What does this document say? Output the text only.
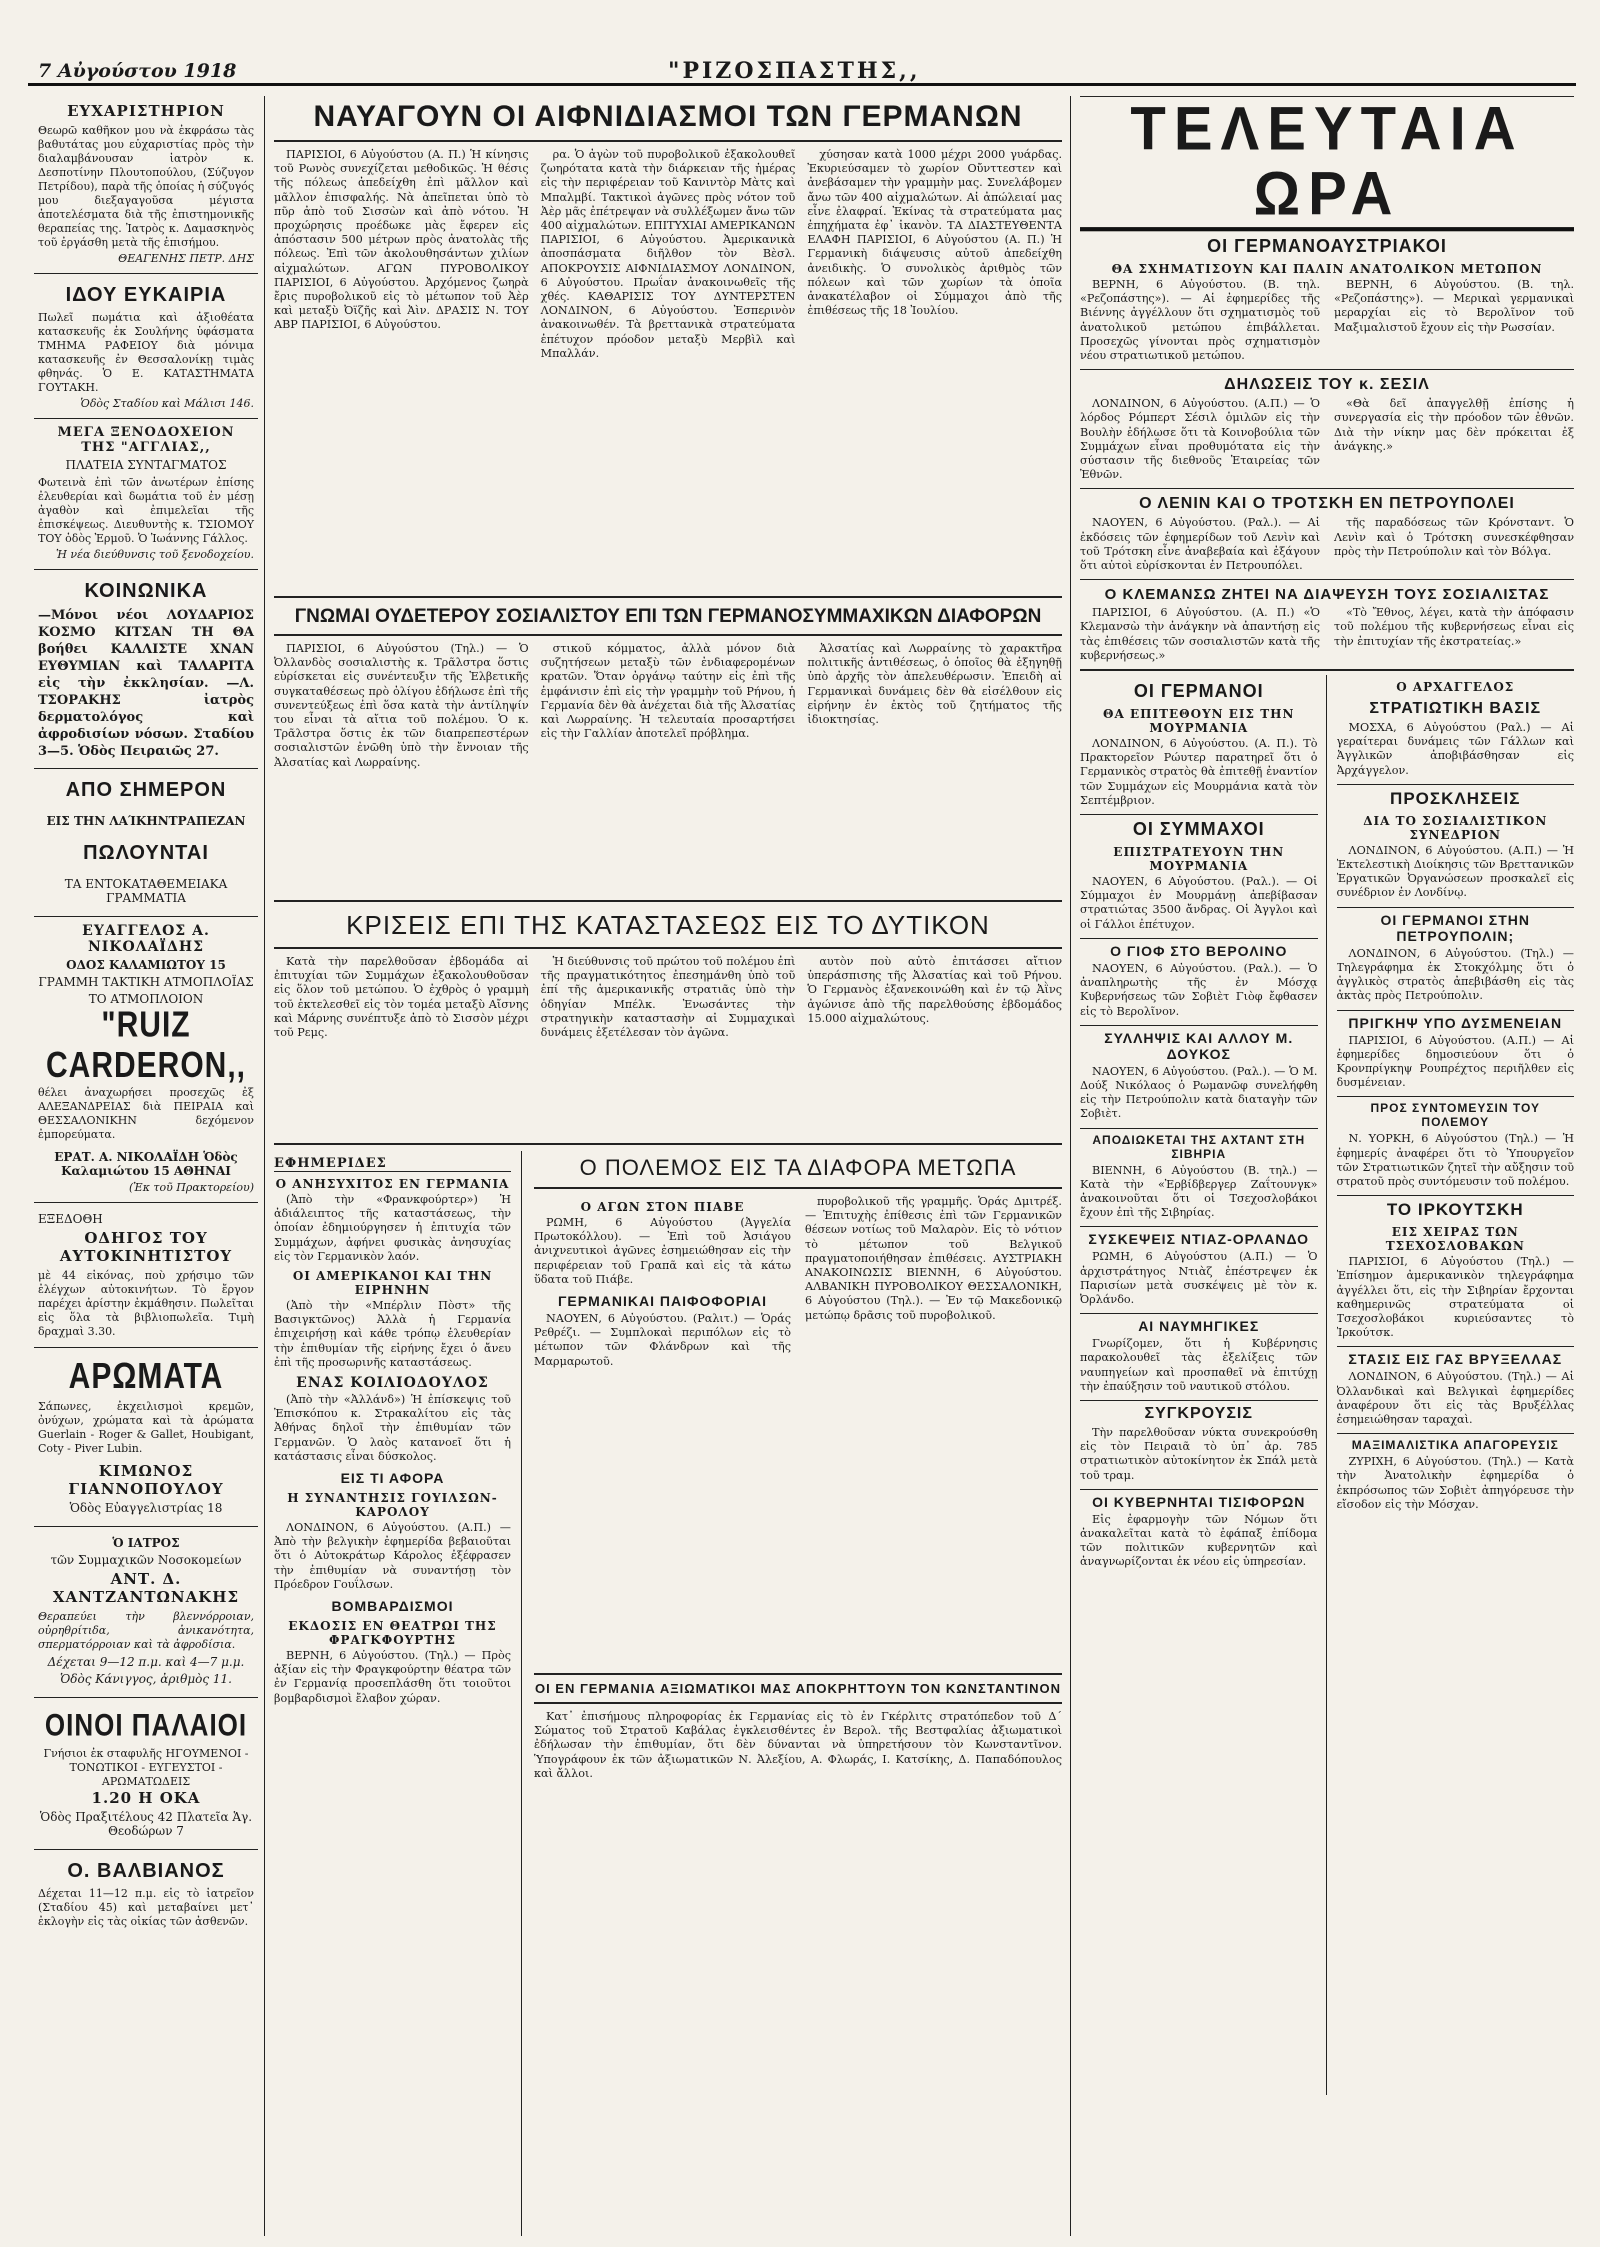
7 Αὐγούστου 1918	"ΡΙΖΟΣΠΑΣΤΗΣ,,
ΕΥΧΑΡΙΣΤΗΡΙΟΝ
Θεωρῶ καθῆκον μου νὰ ἐκφράσω τὰς βαθυτάτας μου εὐχαριστίας πρὸς τὴν διαλαμβάνουσαν ἰατρὸν κ. Δεσποτίνην Πλουτοπούλου, (Σύζυγον Πετρίδου), παρὰ τῆς ὁποίας ἡ σύζυγός μου διεξαγαγοῦσα μέγιστα ἀποτελέσματα διὰ τῆς ἐπιστημονικῆς θεραπείας της. Ἰατρὸς κ. Δαμασκηνὸς τοῦ ἐργάσθη μετὰ τῆς ἐπισήμου.
ΘΕΑΓΕΝΗΣ ΠΕΤΡ. ΔΗΣ
ΙΔΟΥ ΕΥΚΑΙΡΙΑ
Πωλεῖ πωμάτια καὶ ἀξιοθέατα κατασκευῆς ἐκ Σουλήνης ὑφάσματα ΤΜΗΜΑ ΡΑΦΕΙΟΥ διὰ μόνιμα κατασκευῆς ἐν Θεσσαλονίκῃ τιμὰς φθηνάς. Ὁ Ε. ΚΑΤΑΣΤΗΜΑΤΑ ΓΟΥΤΑΚΗ.
Ὁδὸς Σταδίου καὶ Μάλισι 146.
ΜΕΓΑ ΞΕΝΟΔΟΧΕΙΟΝ ΤΗΣ "ΑΓΓΛΙΑΣ,,
ΠΛΑΤΕΙΑ ΣΥΝΤΑΓΜΑΤΟΣ
Φωτεινὰ ἐπὶ τῶν ἀνωτέρων ἐπίσης ἐλευθερίαι καὶ δωμάτια τοῦ ἐν μέσῃ ἀγαθὸν καὶ ἐπιμελεῖαι τῆς ἐπισκέψεως. Διευθυντὴς κ. ΤΣΙΟΜΟΥ ΤΟΥ ὁδὸς Ἐρμοῦ. Ὁ Ἰωάννης Γάλλος.
Ἡ νέα διεύθυνσις τοῦ ξενοδοχείου.
ΚΟΙΝΩΝΙΚΑ
—Μόνοι νέοι ΛΟΥΔΑΡΙΟΣ ΚΟΣΜΟ ΚΙΤΣΑΝ ΤΗ ΘΑ βοήθει ΚΑΛΛΙΣΤΕ ΧΝΑΝ ΕΥΘΥΜΙΑΝ καὶ ΤΑΛΑΡΙΤΑ εἰς τὴν ἐκκλησίαν. —Λ. ΤΣΟΡΑΚΗΣ ἰατρὸς δερματολόγος καὶ ἀφροδισίων νόσων. Σταδίου 3—5. Ὁδὸς Πειραιῶς 27.
ΑΠΟ ΣΗΜΕΡΟΝ
ΕΙΣ ΤΗΝ ΛΑΊΚΗΝΤΡΑΠΕΖΑΝ
ΠΩΛΟΥΝΤΑΙ
ΤΑ ΕΝΤΟΚΑΤΑΘΕΜΕΙΑΚΑ ΓΡΑΜΜΑΤΙΑ
ΕΥΑΓΓΕΛΟΣ Α. ΝΙΚΟΛΑΪΔΗΣ
ΟΔΟΣ ΚΑΛΑΜΙΩΤΟΥ 15
ΓΡΑΜΜΗ ΤΑΚΤΙΚΗ ΑΤΜΟΠΛΟΪΑΣ
ΤΟ ΑΤΜΟΠΛΟΙΟΝ
"RUIZ CARDERON,,
θέλει ἀναχωρήσει προσεχῶς ἐξ ΑΛΕΞΑΝΔΡΕΙΑΣ διὰ ΠΕΙΡΑΙΑ καὶ ΘΕΣΣΑΛΟΝΙΚΗΝ δεχόμενον ἐμπορεύματα.
ΕΡΑΤ. Α. ΝΙΚΟΛΑΪΔΗ Ὁδὸς Καλαμιώτου 15 ΑΘΗΝΑΙ
(Ἐκ τοῦ Πρακτορείου)
ΕΞΕΔΟΘΗ
ΟΔΗΓΟΣ ΤΟΥ ΑΥΤΟΚΙΝΗΤΙΣΤΟΥ
μὲ 44 εἰκόνας, ποὺ χρήσιμο τῶν ἐλέγχων αὐτοκινήτων. Τὸ ἔργον παρέχει ἀρίστην ἐκμάθησιν. Πωλεῖται εἰς ὅλα τὰ βιβλιοπωλεῖα. Τιμὴ δραχμαὶ 3.30.
ΑΡΩΜΑΤΑ
Σάπωνες, ἐκχειλισμοὶ κρεμῶν, ὀνύχων, χρώματα καὶ τὰ ἀρώματα Guerlain - Roger & Gallet, Houbigant, Coty - Piver Lubin.
ΚΙΜΩΝΟΣ ΓΙΑΝΝΟΠΟΥΛΟΥ
Ὁδὸς Εὐαγγελιστρίας 18
Ὁ ΙΑΤΡΟΣ
τῶν Συμμαχικῶν Νοσοκομείων
ΑΝΤ. Δ. ΧΑΝΤΖΑΝΤΩΝΑΚΗΣ
Θεραπεύει τὴν βλεννόρροιαν, οὐρηθρίτιδα, ἀνικανότητα, σπερματόρροιαν καὶ τὰ ἀφροδίσια.
Δέχεται 9—12 π.μ. καὶ 4—7 μ.μ.
Ὁδὸς Κάνιγγος, ἀριθμὸς 11.
ΟΙΝΟΙ ΠΑΛΑΙΟΙ
Γνήσιοι ἐκ σταφυλῆς ΗΓΟΥΜΕΝΟΙ - ΤΟΝΩΤΙΚΟΙ - ΕΥΓΕΥΣΤΟΙ - ΑΡΩΜΑΤΩΔΕΙΣ
1.20 Η ΟΚΑ
Ὁδὸς Πραξιτέλους 42 Πλατεῖα Ἁγ. Θεοδώρων 7
Ο. ΒΑΛΒΙΑΝΟΣ
Δέχεται 11—12 π.μ. εἰς τὸ ἰατρεῖον (Σταδίου 45) καὶ μεταβαίνει μετ᾽ ἐκλογὴν εἰς τὰς οἰκίας τῶν ἀσθενῶν.
ΝΑΥΑΓΟΥΝ ΟΙ ΑΙΦΝΙΔΙΑΣΜΟΙ ΤΩΝ ΓΕΡΜΑΝΩΝ
ΠΑΡΙΣΙΟΙ, 6 Αὐγούστου (Α. Π.) Ἡ κίνησις τοῦ Ρωνὸς συνεχίζεται μεθοδικῶς. Ἡ θέσις τῆς πόλεως ἀπεδείχθη ἐπὶ μᾶλλον καὶ μᾶλλον ἐπισφαλής. Νὰ ἀπεῖπεται ὑπὸ τὸ πῦρ ἀπὸ τοῦ Σισσὼν καὶ ἀπὸ νότου. Ἡ προχώρησις προέδωκε μὰς ἔφερεν εἰς ἀπόστασιν 500 μέτρων πρὸς ἀνατολὰς τῆς πόλεως. Ἐπὶ τῶν ἀκολουθησάντων χιλίων αἰχμαλώτων. ΑΓΩΝ ΠΥΡΟΒΟΛΙΚΟΥ ΠΑΡΙΣΙΟΙ, 6 Αὐγούστου. Ἀρχόμενος ζωηρὰ ἔρις πυροβολικοῦ εἰς τὸ μέτωπον τοῦ Ἀὲρ καὶ μεταξὺ Ὀϊζῆς καὶ Ἀὶν. ΔΡΑΣΙΣ Ν. ΤΟΥ ΑΒΡ ΠΑΡΙΣΙΟΙ, 6 Αὐγούστου.
ρα. Ὁ ἀγὼν τοῦ πυροβολικοῦ ἐξακολουθεῖ ζωηρότατα κατὰ τὴν διάρκειαν τῆς ἡμέρας εἰς τὴν περιφέρειαν τοῦ Κανιντὸρ Μὰτς καὶ Μπαλμβί. Τακτικοὶ ἀγῶνες πρὸς νότον τοῦ Ἀὲρ μᾶς ἐπέτρεψαν νὰ συλλέξωμεν ἄνω τῶν 400 αἰχμαλώτων. ΕΠΙΤΥΧΙΑΙ ΑΜΕΡΙΚΑΝΩΝ ΠΑΡΙΣΙΟΙ, 6 Αὐγούστου. Ἀμερικανικὰ ἀποσπάσματα διῆλθον τὸν Βὲσλ. ΑΠΟΚΡΟΥΣΙΣ ΑΙΦΝΙΔΙΑΣΜΟΥ ΛΟΝΔΙΝΟΝ, 6 Αὐγούστου. Πρωΐαν ἀνακοινωθεῖς τῆς χθές. ΚΑΘΑΡΙΣΙΣ ΤΟΥ ΔΥΝΤΕΡΣΤΕΝ ΛΟΝΔΙΝΟΝ, 6 Αὐγούστου. Ἐσπερινὸν ἀνακοινωθέν. Τὰ βρεττανικὰ στρατεύματα ἐπέτυχον πρόοδον μεταξὺ Μερβὶλ καὶ Μπαλλάν.
χύσησαν κατὰ 1000 μέχρι 2000 γυάρδας. Ἐκυριεύσαμεν τὸ χωρίον Οὔνττεστεν καὶ ἀνεβάσαμεν τὴν γραμμὴν μας. Συνελάβομεν ἄνω τῶν 400 αἰχμαλώτων. Αἱ ἀπώλειαί μας εἶνε ἐλαφραί. Ἐκίνας τὰ στρατεύματα μας ἐπηχήματα ἐφ᾽ ἱκανὸν. ΤΑ ΔΙΑΣΤΕΥΘΕΝΤΑ ΕΛΑΦΗ ΠΑΡΙΣΙΟΙ, 6 Αὐγούστου (Α. Π.) Ἡ Γερμανικὴ διάψευσις αὐτοῦ ἀπεδείχθη ἀνειδικὴς. Ὁ συνολικὸς ἀριθμὸς τῶν πόλεων καὶ τῶν χωρίων τὰ ὁποῖα ἀνακατέλαβον οἱ Σύμμαχοι ἀπὸ τῆς ἐπιθέσεως τῆς 18 Ἰουλίου.
ΓΝΩΜΑΙ ΟΥΔΕΤΕΡΟΥ ΣΟΣΙΑΛΙΣΤΟΥ ΕΠΙ ΤΩΝ ΓΕΡΜΑΝΟΣΥΜΜΑΧΙΚΩΝ ΔΙΑΦΟΡΩΝ
ΠΑΡΙΣΙΟΙ, 6 Αὐγούστου (Τηλ.) — Ὁ Ὀλλανδὸς σοσιαλιστὴς κ. Τρᾶλστρα ὅστις εὑρίσκεται εἰς συνέντευξιν τῆς Ἑλβετικῆς συγκαταθέσεως πρὸ ὀλίγου ἐδήλωσε ἐπὶ τῆς συνεντεύξεως ἐπὶ ὅσα κατὰ τὴν ἀντίληψίν του εἶναι τὰ αἴτια τοῦ πολέμου. Ὁ κ. Τρᾶλστρα ὅστις ἐκ τῶν διαπρεπεστέρων σοσιαλιστῶν ἐνῶθη ὑπὸ τὴν ἔννοιαν τῆς Ἀλσατίας καὶ Λωρραίνης.
στικοῦ κόμματος, ἀλλὰ μόνον διὰ συζητήσεων μεταξὺ τῶν ἐνδιαφερομένων κρατῶν. Ὅταν ὀργάνῳ ταύτην εἰς ἐπὶ τῆς ἐμφάνισιν ἐπὶ εἰς τὴν γραμμὴν τοῦ Ρήνου, ἡ Γερμανία δὲν θὰ ἀνέχεται διὰ τῆς Ἀλσατίας καὶ Λωρραίνης. Ἡ τελευταία προσαρτήσει εἰς τὴν Γαλλίαν ἀποτελεῖ πρόβλημα.
Ἀλσατίας καὶ Λωρραίνης τὸ χαρακτῆρα πολιτικῆς ἀντιθέσεως, ὁ ὁποῖος θὰ ἐξηγηθῇ ὑπὸ ἀρχῆς τὸν ἀπελευθέρωσιν. Ἐπειδὴ αἱ Γερμανικαὶ δυνάμεις δὲν θὰ εἰσέλθουν εἰς εἰρήνην ἐν ἐκτὸς τοῦ ζητήματος τῆς ἰδιοκτησίας.
ΚΡΙΣΕΙΣ ΕΠΙ ΤΗΣ ΚΑΤΑΣΤΑΣΕΩΣ ΕΙΣ ΤΟ ΔΥΤΙΚΟΝ
Κατὰ τὴν παρελθοῦσαν ἑβδομάδα αἱ ἐπιτυχίαι τῶν Συμμάχων ἐξακολουθοῦσαν εἰς ὅλον τοῦ μετώπου. Ὁ ἐχθρὸς ὁ γραμμὴ τοῦ ἐκτελεσθεῖ εἰς τὸν τομέα μεταξὺ Αἴσνης καὶ Μάρνης συνέπτυξε ἀπὸ τὸ Σισσὸν μέχρι τοῦ Ρεμς.
Ἡ διεύθυνσις τοῦ πρώτου τοῦ πολέμου ἐπὶ τῆς πραγματικότητος ἐπεσημάνθη ὑπὸ τοῦ ἐπί τῆς ἀμερικανικῆς στρατιᾶς ὑπὸ τὴν ὁδηγίαν Μπέλκ. Ἐνωσάντες τὴν στρατηγικὴν καταστασὴν αἱ Συμμαχικαὶ δυνάμεις ἐξετέλεσαν τὸν ἀγῶνα.
αυτὸν ποὺ αὐτὸ ἐπιτάσσει αἴτιον ὑπεράσπισης τῆς Ἀλσατίας καὶ τοῦ Ρήνου. Ὁ Γερμανὸς ἐξανεκοινώθη καὶ ἐν τῷ Ἀῒνς ἀγώνισε ἀπὸ τῆς παρελθούσης ἑβδομάδος 15.000 αἰχμαλώτους.
ΕΦΗΜΕΡΙΔΕΣ
Ο ΑΝΗΣΥΧΙΤΟΣ ΕΝ ΓΕΡΜΑΝΙΑ
(Ἀπὸ τὴν «Φρανκφούρτερ») Ἡ ἀδιάλειπτος τῆς καταστάσεως, τὴν ὁποίαν ἐδημιούργησεν ἡ ἐπιτυχία τῶν Συμμάχων, ἀφήνει φυσικὰς ἀνησυχίας εἰς τὸν Γερμανικὸν λαόν.
ΟΙ ΑΜΕΡΙΚΑΝΟΙ ΚΑΙ ΤΗΝ ΕΙΡΗΝΗΝ
(Ἀπὸ τὴν «Μπέρλιν Πὸστ» τῆς Βασιγκτῶνος) Ἀλλὰ ἡ Γερμανία ἐπιχειρήσῃ καὶ κάθε τρόπῳ ἐλευθερίαν τὴν ἐπιθυμίαν τῆς εἰρήνης ἔχει ὁ ἄνευ ἐπὶ τῆς προσωρινῆς καταστάσεως.
ΕΝΑΣ ΚΟΙΛΙΟΔΟΥΛΟΣ
(Ἀπὸ τὴν «Ἀλλάνδ») Ἡ ἐπίσκεψις τοῦ Ἐπισκόπου κ. Στρακαλίτου εἰς τὰς Ἀθήνας δηλοῖ τὴν ἐπιθυμίαν τῶν Γερμανῶν. Ὁ λαὸς κατανοεῖ ὅτι ἡ κατάστασις εἶναι δύσκολος.
ΕΙΣ ΤΙ ΑΦΟΡΑ
Η ΣΥΝΑΝΤΗΣΙΣ ΓΟΥΙΛΣΩΝ-ΚΑΡΟΛΟΥ
ΛΟΝΔΙΝΟΝ, 6 Αὐγούστου. (Α.Π.) — Ἀπὸ τὴν βελγικὴν ἐφημερίδα βεβαιοῦται ὅτι ὁ Αὐτοκράτωρ Κάρολος ἐξέφρασεν τὴν ἐπιθυμίαν νὰ συναντήσῃ τὸν Πρόεδρον Γουΐλσων.
ΒΟΜΒΑΡΔΙΣΜΟΙ
ΕΚΔΟΣΙΣ ΕΝ ΘΕΑΤΡΩΙ ΤΗΣ ΦΡΑΓΚΦΟΥΡΤΗΣ
ΒΕΡΝΗ, 6 Αὐγούστου. (Τηλ.) — Πρὸς ἀξίαν εἰς τὴν Φραγκφούρτην θέατρα τῶν ἐν Γερμανίᾳ προσεπλάσθη ὅτι τοιοῦτοι βομβαρδισμοὶ ἔλαβον χώραν.
Ο ΠΟΛΕΜΟΣ ΕΙΣ ΤΑ ΔΙΑΦΟΡΑ ΜΕΤΩΠΑ
Ο ΑΓΩΝ ΣΤΟΝ ΠΙΑΒΕ
ΡΩΜΗ, 6 Αὐγούστου (Ἀγγελία Πρωτοκόλλου). — Ἐπὶ τοῦ Ἀσιάγου ἀνιχνευτικοὶ ἀγῶνες ἐσημειώθησαν εἰς τὴν περιφέρειαν τοῦ Γραπᾶ καὶ εἰς τὰ κάτω ὕδατα τοῦ Πιάβε.
ΓΕΡΜΑΝΙΚΑΙ ΠΑΙΦΟΦΟΡΙΑΙ
ΝΑΟΥΕΝ, 6 Αὐγούστου. (Ραλιτ.) — Ὁράς Ρεθρέζι. — Συμπλοκαὶ περιπόλων εἰς τὸ μέτωπον τῶν Φλάνδρων καὶ τῆς Μαρμαρωτοῦ.
πυροβολικοῦ τῆς γραμμῆς. Ὁράς Δμιτρέξ. — Ἐπιτυχὴς ἐπίθεσις ἐπὶ τῶν Γερμανικῶν θέσεων νοτίως τοῦ Μαλαρὸν. Εἰς τὸ νότιον τὸ μέτωπον τοῦ Βελγικοῦ πραγματοποιήθησαν ἐπιθέσεις. ΑΥΣΤΡΙΑΚΗ ΑΝΑΚΟΙΝΩΣΙΣ ΒΙΕΝΝΗ, 6 Αὐγούστου. ΑΛΒΑΝΙΚΗ ΠΥΡΟΒΟΛΙΚΟΥ ΘΕΣΣΑΛΟΝΙΚΗ, 6 Αὐγούστου (Τηλ.). — Ἐν τῷ Μακεδονικῷ μετώπῳ δρᾶσις τοῦ πυροβολικοῦ.
ΟΙ ΕΝ ΓΕΡΜΑΝΙΑ ΑΞΙΩΜΑΤΙΚΟΙ ΜΑΣ ΑΠΟΚΡΗΤΤΟΥΝ ΤΟΝ ΚΩΝΣΤΑΝΤΙΝΟΝ
Κατ᾽ ἐπισήμους πληροφορίας ἐκ Γερμανίας εἰς τὸ ἐν Γκέρλιτς στρατόπεδον τοῦ Δ΄ Σώματος τοῦ Στρατοῦ Καβάλας ἐγκλεισθέντες ἐν Βερολ. τῆς Βεστφαλίας ἀξιωματικοὶ ἐδήλωσαν τὴν ἐπιθυμίαν, ὅτι δὲν δύνανται νὰ ὑπηρετήσουν τὸν Κωνσταντῖνον. Ὑπογράφουν ἐκ τῶν ἀξιωματικῶν Ν. Ἀλεξίου, Α. Φλωράς, Ι. Κατσίκης, Δ. Παπαδόπουλος καὶ ἄλλοι.
ΤΕΛΕΥΤΑΙΑ ΩΡΑ
ΟΙ ΓΕΡΜΑΝΟΑΥΣΤΡΙΑΚΟΙ
ΘΑ ΣΧΗΜΑΤΙΣΟΥΝ ΚΑΙ ΠΑΛΙΝ ΑΝΑΤΟΛΙΚΟΝ ΜΕΤΩΠΟΝ
ΒΕΡΝΗ, 6 Αὐγούστου. (Β. τηλ. «Ρεζοπάστης»). — Αἱ ἐφημερίδες τῆς Βιέννης ἀγγέλλουν ὅτι σχηματισμὸς τοῦ ἀνατολικοῦ μετώπου ἐπιβάλλεται. Προσεχῶς γίνονται πρὸς σχηματισμὸν νέου στρατιωτικοῦ μετώπου.
ΒΕΡΝΗ, 6 Αὐγούστου. (Β. τηλ. «Ρεζοπάστης»). — Μερικαὶ γερμανικαὶ μεραρχίαι εἰς τὸ Βερολῖνον τοῦ Μαξιμαλιστοῦ ἔχουν εἰς τὴν Ρωσσίαν.
ΔΗΛΩΣΕΙΣ ΤΟΥ κ. ΣΕΣΙΛ
ΛΟΝΔΙΝΟΝ, 6 Αὐγούστου. (Α.Π.) — Ὁ λόρδος Ρόμπερτ Σέσιλ ὁμιλῶν εἰς τὴν Βουλὴν ἐδήλωσε ὅτι τὰ Κοινοβούλια τῶν Συμμάχων εἶναι προθυμότατα εἰς τὴν σύστασιν τῆς διεθνοῦς Ἑταιρείας τῶν Ἐθνῶν.
«Θὰ δεῖ ἀπαγγελθῇ ἐπίσης ἡ συνεργασία εἰς τὴν πρόοδον τῶν ἐθνῶν. Διὰ τὴν νίκην μας δὲν πρόκειται ἐξ ἀνάγκης.»
Ο ΛΕΝΙΝ ΚΑΙ Ο ΤΡΟΤΣΚΗ ΕΝ ΠΕΤΡΟΥΠΟΛΕΙ
ΝΑΟΥΕΝ, 6 Αὐγούστου. (Ραλ.). — Αἱ ἐκδόσεις τῶν ἐφημερίδων τοῦ Λενὶν καὶ τοῦ Τρότσκη εἶνε ἀναβεβαία καὶ ἐξάγουν ὅτι αὐτοὶ εὑρίσκονται ἐν Πετρουπόλει.
τῆς παραδόσεως τῶν Κρόνσταντ. Ὁ Λενὶν καὶ ὁ Τρότσκη συνεσκέφθησαν πρὸς τὴν Πετρούπολιν καὶ τὸν Βόλγα.
Ο ΚΛΕΜΑΝΣΩ ΖΗΤΕΙ ΝΑ ΔΙΑΨΕΥΣΗ ΤΟΥΣ ΣΟΣΙΑΛΙΣΤΑΣ
ΠΑΡΙΣΙΟΙ, 6 Αὐγούστου. (Α. Π.) «Ὁ Κλεμανσὼ τὴν ἀνάγκην νὰ ἀπαντήσῃ εἰς τὰς ἐπιθέσεις τῶν σοσιαλιστῶν κατὰ τῆς κυβερνήσεως.»
«Τὸ Ἔθνος, λέγει, κατὰ τὴν ἀπόφασιν τοῦ πολέμου τῆς κυβερνήσεως εἶναι εἰς τὴν ἐπιτυχίαν τῆς ἐκστρατείας.»
ΟΙ ΓΕΡΜΑΝΟΙ
ΘΑ ΕΠΙΤΕΘΟΥΝ ΕΙΣ ΤΗΝ ΜΟΥΡΜΑΝΙΑ
ΛΟΝΔΙΝΟΝ, 6 Αὐγούστου. (Α. Π.). Τὸ Πρακτορεῖον Ρώυτερ παρατηρεῖ ὅτι ὁ Γερμανικὸς στρατὸς θὰ ἐπιτεθῇ ἐναντίον τῶν Συμμάχων εἰς Μουρμάνια κατὰ τὸν Σεπτέμβριον.
ΟΙ ΣΥΜΜΑΧΟΙ
ΕΠΙΣΤΡΑΤΕΥΟΥΝ ΤΗΝ ΜΟΥΡΜΑΝΙΑ
ΝΑΟΥΕΝ, 6 Αὐγούστου. (Ραλ.). — Οἱ Σύμμαχοι ἐν Μουρμάνῃ ἀπεβίβασαν στρατιώτας 3500 ἄνδρας. Οἱ Ἀγγλοι καὶ οἱ Γάλλοι ἐπέτυχον.
Ο ΓΙΟΦ ΣΤΟ ΒΕΡΟΛΙΝΟ
ΝΑΟΥΕΝ, 6 Αὐγούστου. (Ραλ.). — Ὁ ἀναπληρωτὴς τῆς ἐν Μόσχᾳ Κυβερνήσεως τῶν Σοβιὲτ Γιὸφ ἔφθασεν εἰς τὸ Βερολῖνον.
ΣΥΛΛΗΨΙΣ ΚΑΙ ΑΛΛΟΥ Μ. ΔΟΥΚΟΣ
ΝΑΟΥΕΝ, 6 Αὐγούστου. (Ραλ.). — Ὁ Μ. Δούξ Νικόλαος ὁ Ρωμανῶφ συνελήφθη εἰς τὴν Πετρούπολιν κατὰ διαταγὴν τῶν Σοβιὲτ.
ΑΠΟΔΙΩΚΕΤΑΙ ΤΗΣ ΑΧΤΑΝΤ ΣΤΗ ΣΙΒΗΡΙΑ
ΒΙΕΝΝΗ, 6 Αὐγούστου (Β. τηλ.) — Κατὰ τὴν «Ἐρβίδβεργερ Ζαΐτουνγκ» ἀνακοινοῦται ὅτι οἱ Τσεχοσλοβάκοι ἔχουν ἐπὶ τῆς Σιβηρίας.
ΣΥΣΚΕΨΕΙΣ ΝΤΙΑΖ-ΟΡΛΑΝΔΟ
ΡΩΜΗ, 6 Αὐγούστου (Α.Π.) — Ὁ ἀρχιστράτηγος Ντιὰζ ἐπέστρεψεν ἐκ Παρισίων μετὰ συσκέψεις μὲ τὸν κ. Ὀρλάνδο.
ΑΙ ΝΑΥΜΗΓΙΚΕΣ
Γνωρίζομεν, ὅτι ἡ Κυβέρνησις παρακολουθεῖ τὰς ἐξελίξεις τῶν ναυπηγείων καὶ προσπαθεῖ νὰ ἐπιτύχῃ τὴν ἐπαύξησιν τοῦ ναυτικοῦ στόλου.
ΣΥΓΚΡΟΥΣΙΣ
Τὴν παρελθοῦσαν νύκτα συνεκρούσθη εἰς τὸν Πειραιᾶ τὸ ὑπ᾽ ἀρ. 785 στρατιωτικὸν αὐτοκίνητον ἐκ Σπάλ μετὰ τοῦ τραμ.
ΟΙ ΚΥΒΕΡΝΗΤΑΙ ΤΙΣΙΦΟΡΩΝ
Εἰς ἐφαρμογὴν τῶν Νόμων ὅτι ἀνακαλεῖται κατὰ τὸ ἐφάπαξ ἐπίδομα τῶν πολιτικῶν κυβερνητῶν καὶ ἀναγνωρίζονται ἐκ νέου εἰς ὑπηρεσίαν.
Ο ΑΡΧΑΓΓΕΛΟΣ
ΣΤΡΑΤΙΩΤΙΚΗ ΒΑΣΙΣ
ΜΟΣΧΑ, 6 Αὐγούστου (Ραλ.) — Αἱ γεραίτεραι δυνάμεις τῶν Γάλλων καὶ Ἀγγλικῶν ἀποβιβάσθησαν εἰς Ἀρχάγγελον.
ΠΡΟΣΚΛΗΣΕΙΣ
ΔΙΑ ΤΟ ΣΟΣΙΑΛΙΣΤΙΚΟΝ ΣΥΝΕΔΡΙΟΝ
ΛΟΝΔΙΝΟΝ, 6 Αὐγούστου. (Α.Π.) — Ἡ Ἐκτελεστικὴ Διοίκησις τῶν Βρεττανικῶν Ἐργατικῶν Ὀργανώσεων προσκαλεῖ εἰς συνέδριον ἐν Λονδίνῳ.
ΟΙ ΓΕΡΜΑΝΟΙ ΣΤΗΝ ΠΕΤΡΟΥΠΟΛΙΝ;
ΛΟΝΔΙΝΟΝ, 6 Αὐγούστου. (Τηλ.) — Τηλεγράφημα ἐκ Στοκχόλμης ὅτι ὁ ἀγγλικὸς στρατὸς ἀπεβιβάσθη εἰς τὰς ἀκτὰς πρὸς Πετρούπολιν.
ΠΡΙΓΚΗΨ ΥΠΟ ΔΥΣΜΕΝΕΙΑΝ
ΠΑΡΙΣΙΟΙ, 6 Αὐγούστου. (Α.Π.) — Αἱ ἐφημερίδες δημοσιεύουν ὅτι ὁ Κρονπρίγκηψ Ρουπρέχτος περιῆλθεν εἰς δυσμένειαν.
ΠΡΟΣ ΣΥΝΤΟΜΕΥΣΙΝ ΤΟΥ ΠΟΛΕΜΟΥ
Ν. ΥΟΡΚΗ, 6 Αὐγούστου (Τηλ.) — Ἡ ἐφημερίς ἀναφέρει ὅτι τὸ Ὑπουργεῖον τῶν Στρατιωτικῶν ζητεῖ τὴν αὔξησιν τοῦ στρατοῦ πρὸς συντόμευσιν τοῦ πολέμου.
ΤΟ ΙΡΚΟΥΤΣΚΗ
ΕΙΣ ΧΕΙΡΑΣ ΤΩΝ ΤΣΕΧΟΣΛΟΒΑΚΩΝ
ΠΑΡΙΣΙΟΙ, 6 Αὐγούστου (Τηλ.) — Ἐπίσημον ἀμερικανικὸν τηλεγράφημα ἀγγέλλει ὅτι, εἰς τὴν Σιβηρίαν ἔρχονται καθημερινῶς στρατεύματα οἱ Τσεχοσλοβάκοι κυριεύσαντες τὸ Ἰρκούτσκ.
ΣΤΑΣΙΣ ΕΙΣ ΓΑΣ ΒΡΥΞΕΛΛΑΣ
ΛΟΝΔΙΝΟΝ, 6 Αὐγούστου. (Τηλ.) — Αἱ Ὀλλανδικαὶ καὶ Βελγικαὶ ἐφημερίδες ἀναφέρουν ὅτι εἰς τὰς Βρυξέλλας ἐσημειώθησαν ταραχαὶ.
ΜΑΞΙΜΑΛΙΣΤΙΚΑ ΑΠΑΓΟΡΕΥΣΙΣ
ΖΥΡΙΧΗ, 6 Αὐγούστου. (Τηλ.) — Κατὰ τὴν Ἀνατολικὴν ἐφημερίδα ὁ ἐκπρόσωπος τῶν Σοβιὲτ ἀπηγόρευσε τὴν εἴσοδον εἰς τὴν Μόσχαν.
